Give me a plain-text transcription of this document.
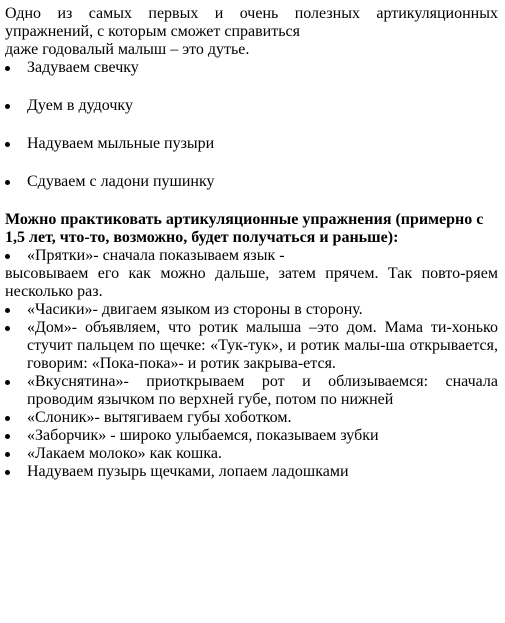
Одно из самых первых и очень полезных артикуляционных
упражнений, с которым сможет справиться
даже годовалый малыш – это дутье.

Задуваем свечку
Дуем в дудочку
Надуваем мыльные пузыри
Сдуваем с ладони пушинку

Можно практиковать артикуляционные упражнения (примерно с 1,5 лет, что-то, возможно, будет получаться и раньше):

«Прятки»- сначала показываем язык -
высовываем его как можно дальше, затем прячем. Так повто-ряем несколько раз.
«Часики»- двигаем языком из стороны в сторону.
«Дом»- объявляем, что ротик малыша –это дом. Мама ти-хонько стучит пальцем по щечке: «Тук-тук», и ротик малы-ша открывается, говорим: «Пока-пока»- и ротик закрыва-ется.
«Вкуснятина»- приоткрываем рот и облизываемся: сначала проводим язычком по верхней губе, потом по нижней
«Слоник»- вытягиваем губы хоботком.
«Заборчик» - широко улыбаемся, показываем зубки
«Лакаем молоко» как кошка.
Надуваем пузырь щечками, лопаем ладошками
